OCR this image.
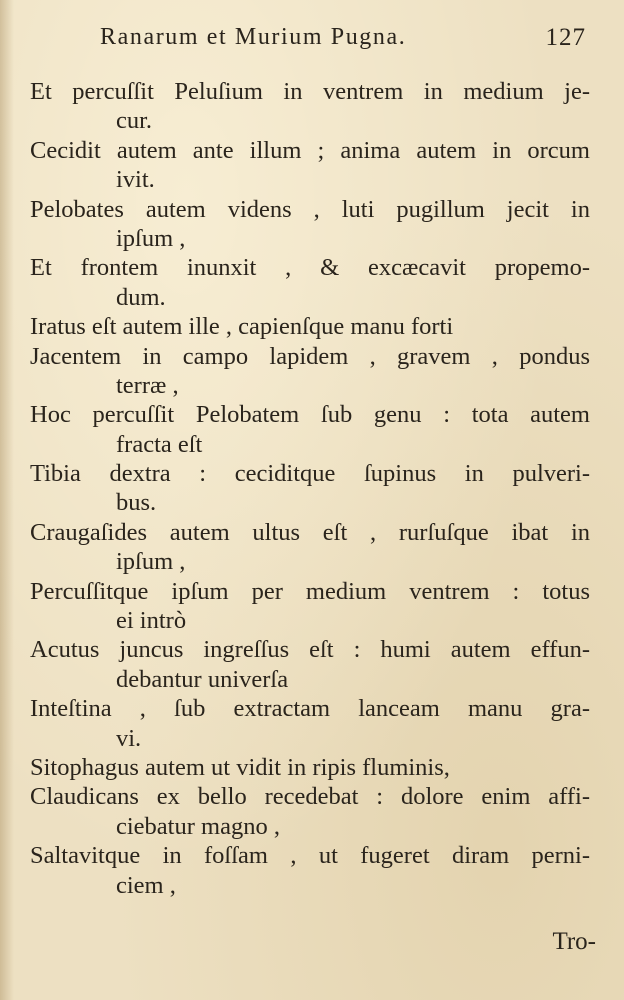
Ranarum et Murium Pugna.	127
Et percuſſit Peluſium in ventrem in medium je-
cur.
Cecidit autem ante illum ; anima autem in orcum
ivit.
Pelobates autem videns , luti pugillum jecit in
ipſum ,
Et frontem inunxit , & excæcavit propemo-
dum.
Iratus eſt autem ille , capienſque manu forti
Jacentem in campo lapidem , gravem , pondus
terræ ,
Hoc percuſſit Pelobatem ſub genu : tota autem
fracta eſt
Tibia dextra : ceciditque ſupinus in pulveri-
bus.
Craugaſides autem ultus eſt , rurſuſque ibat in
ipſum ,
Percuſſitque ipſum per medium ventrem : totus
ei intrò
Acutus juncus ingreſſus eſt : humi autem effun-
debantur univerſa
Inteſtina , ſub extractam lanceam manu gra-
vi.
Sitophagus autem ut vidit in ripis fluminis,
Claudicans ex bello recedebat : dolore enim affi-
ciebatur magno ,
Saltavitque in foſſam , ut fugeret diram perni-
ciem ,
Tro-
